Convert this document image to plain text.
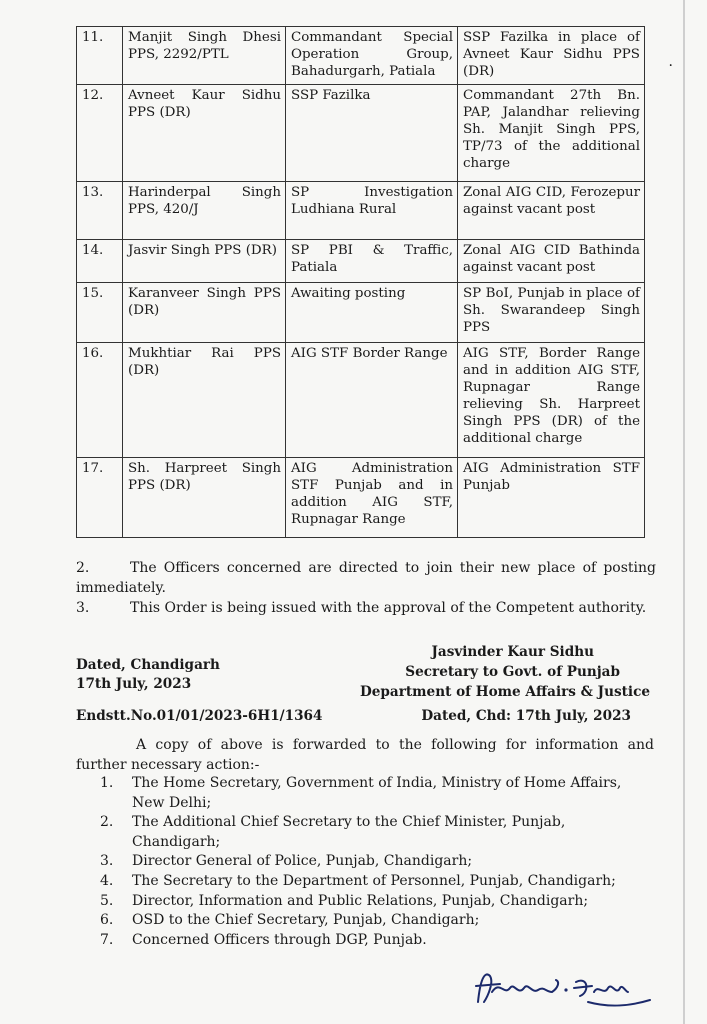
11.	Manjit Singh Dhesi PPS, 2292/PTL	Commandant Special Operation Group, Bahadurgarh, Patiala	SSP Fazilka in place of Avneet Kaur Sidhu PPS (DR)
12.	Avneet Kaur Sidhu PPS (DR)	SSP Fazilka	Commandant 27th Bn. PAP, Jalandhar relieving Sh. Manjit Singh PPS, TP/73 of the additional charge
13.	Harinderpal Singh PPS, 420/J	SP Investigation Ludhiana Rural	Zonal AIG CID, Ferozepur against vacant post
14.	Jasvir Singh PPS (DR)	SP PBI & Traffic, Patiala	Zonal AIG CID Bathinda against vacant post
15.	Karanveer Singh PPS (DR)	Awaiting posting	SP BoI, Punjab in place of Sh. Swarandeep Singh PPS
16.	Mukhtiar Rai PPS (DR)	AIG STF Border Range	AIG STF, Border Range and in addition AIG STF, Rupnagar Range relieving Sh. Harpreet Singh PPS (DR) of the additional charge
17.	Sh. Harpreet Singh PPS (DR)	AIG Administration STF Punjab and in addition AIG STF, Rupnagar Range	AIG Administration STF Punjab
·
2.	The Officers concerned are directed to join their new place of posting immediately.
3.	This Order is being issued with the approval of the Competent authority.
Jasvinder Kaur Sidhu
Secretary to Govt. of Punjab
Department of Home Affairs & Justice
Dated, Chandigarh
17th July, 2023
Endstt.No.01/01/2023-6H1/1364	Dated, Chd: 17th July, 2023
A copy of above is forwarded to the following for information and further necessary action:-
1. The Home Secretary, Government of India, Ministry of Home Affairs, New Delhi;
2. The Additional Chief Secretary to the Chief Minister, Punjab, Chandigarh;
3. Director General of Police, Punjab, Chandigarh;
4. The Secretary to the Department of Personnel, Punjab, Chandigarh;
5. Director, Information and Public Relations, Punjab, Chandigarh;
6. OSD to the Chief Secretary, Punjab, Chandigarh;
7. Concerned Officers through DGP, Punjab.
